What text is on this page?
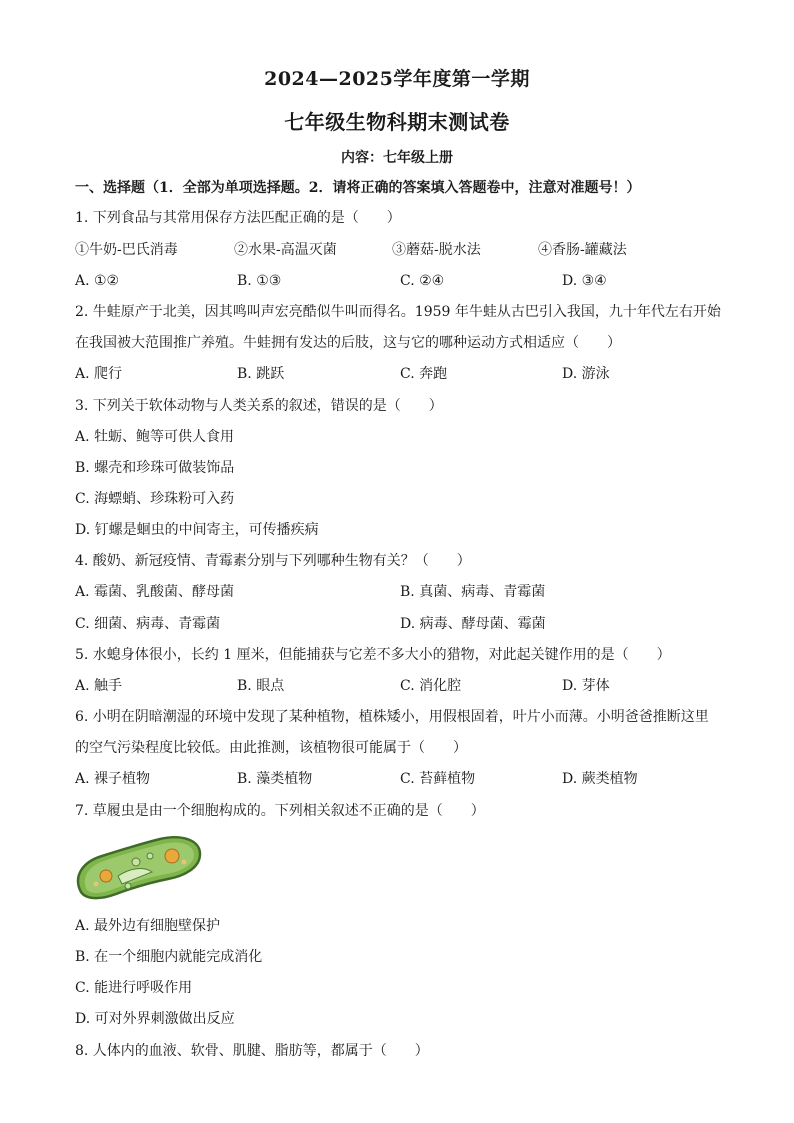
2024—2025学年度第一学期
七年级生物科期末测试卷
内容：七年级上册
一、选择题（1．全部为单项选择题。2．请将正确的答案填入答题卷中，注意对准题号！）
1. 下列食品与其常用保存方法匹配正确的是（　　）
①牛奶-巴氏消毒	②水果-高温灭菌	③蘑菇-脱水法	④香肠-罐藏法
A. ①②	B. ①③	C. ②④	D. ③④
2. 牛蛙原产于北美，因其鸣叫声宏亮酷似牛叫而得名。1959 年牛蛙从古巴引入我国，九十年代左右开始
在我国被大范围推广养殖。牛蛙拥有发达的后肢，这与它的哪种运动方式相适应（　　）
A. 爬行	B. 跳跃	C. 奔跑	D. 游泳
3. 下列关于软体动物与人类关系的叙述，错误的是（　　）
A. 牡蛎、鲍等可供人食用
B. 螺壳和珍珠可做装饰品
C. 海螵蛸、珍珠粉可入药
D. 钉螺是蛔虫的中间寄主，可传播疾病
4. 酸奶、新冠疫情、青霉素分别与下列哪种生物有关？（　　）
A. 霉菌、乳酸菌、酵母菌	B. 真菌、病毒、青霉菌
C. 细菌、病毒、青霉菌	D. 病毒、酵母菌、霉菌
5. 水螅身体很小，长约 1 厘米，但能捕获与它差不多大小的猎物，对此起关键作用的是（　　）
A. 触手	B. 眼点	C. 消化腔	D. 芽体
6. 小明在阴暗潮湿的环境中发现了某种植物，植株矮小，用假根固着，叶片小而薄。小明爸爸推断这里
的空气污染程度比较低。由此推测，该植物很可能属于（　　）
A. 裸子植物	B. 藻类植物	C. 苔藓植物	D. 蕨类植物
7. 草履虫是由一个细胞构成的。下列相关叙述不正确的是（　　）
A. 最外边有细胞壁保护
B. 在一个细胞内就能完成消化
C. 能进行呼吸作用
D. 可对外界刺激做出反应
8. 人体内的血液、软骨、肌腱、脂肪等，都属于（　　）
